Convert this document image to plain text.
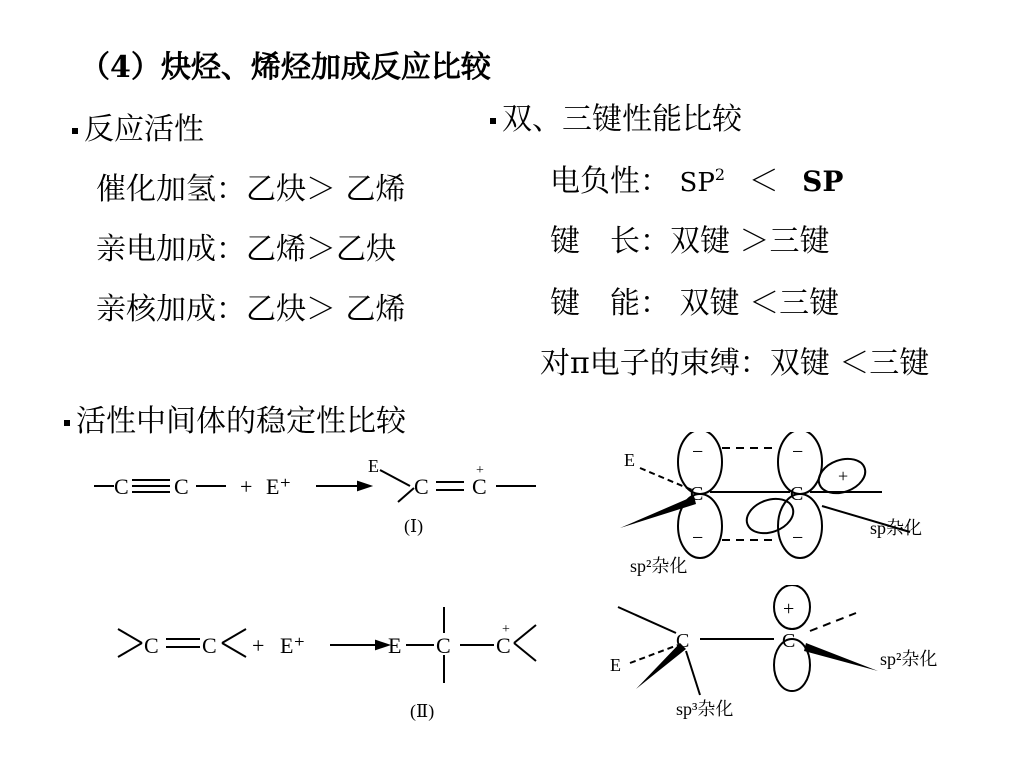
（4）炔烃、烯烃加成反应比较
反应活性
催化加氢：乙炔＞ 乙烯
亲电加成：乙烯＞乙炔
亲核加成：乙炔＞ 乙烯
双、三键性能比较
电负性： $SP^2$ ＜ SP
键　长：双键 ＞三键
键　能： 双键 ＜三键
对π电子的束缚：双键 ＜三键
活性中间体的稳定性比较
C C + E⁺
E
C C
+
(Ⅰ)
C C + E⁺	E C C
+
(Ⅱ)
E
C	C
+
−
−
−
−	sp杂化
sp²杂化
C	C
E
+
sp²杂化
sp³杂化
